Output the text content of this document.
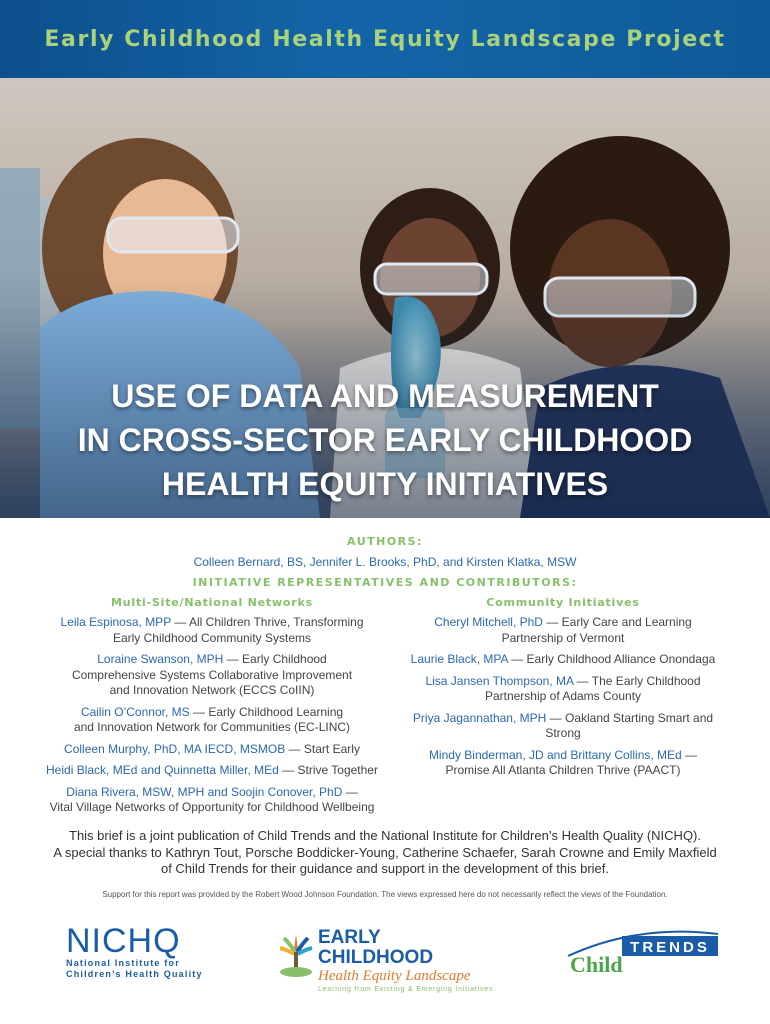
Early Childhood Health Equity Landscape Project
USE OF DATA AND MEASUREMENT
IN CROSS-SECTOR EARLY CHILDHOOD
HEALTH EQUITY INITIATIVES
AUTHORS:
Colleen Bernard, BS, Jennifer L. Brooks, PhD, and Kirsten Klatka, MSW
INITIATIVE REPRESENTATIVES AND CONTRIBUTORS:
Multi-Site/National Networks
Leila Espinosa, MPP — All Children Thrive, Transforming
Early Childhood Community Systems
Loraine Swanson, MPH — Early Childhood
Comprehensive Systems Collaborative Improvement
and Innovation Network (ECCS CoIIN)
Cailin O’Connor, MS — Early Childhood Learning
and Innovation Network for Communities (EC-LINC)
Colleen Murphy, PhD, MA IECD, MSMOB — Start Early
Heidi Black, MEd and Quinnetta Miller, MEd — Strive Together
Diana Rivera, MSW, MPH and Soojin Conover, PhD —
Vital Village Networks of Opportunity for Childhood Wellbeing
Community Initiatives
Cheryl Mitchell, PhD — Early Care and Learning
Partnership of Vermont
Laurie Black, MPA — Early Childhood Alliance Onondaga
Lisa Jansen Thompson, MA — The Early Childhood
Partnership of Adams County
Priya Jagannathan, MPH — Oakland Starting Smart and Strong
Mindy Binderman, JD and Brittany Collins, MEd —
Promise All Atlanta Children Thrive (PAACT)
This brief is a joint publication of Child Trends and the National Institute for Children’s Health Quality (NICHQ).
A special thanks to Kathryn Tout, Porsche Boddicker-Young, Catherine Schaefer, Sarah Crowne and Emily Maxfield
of Child Trends for their guidance and support in the development of this brief.
Support for this report was provided by the Robert Wood Johnson Foundation. The views expressed here do not necessarily reflect the views of the Foundation.
NICHQ
National Institute for
Children’s Health Quality
EARLY CHILDHOOD
Health Equity Landscape
Learning from Existing & Emerging Initiatives
TRENDS
Child
